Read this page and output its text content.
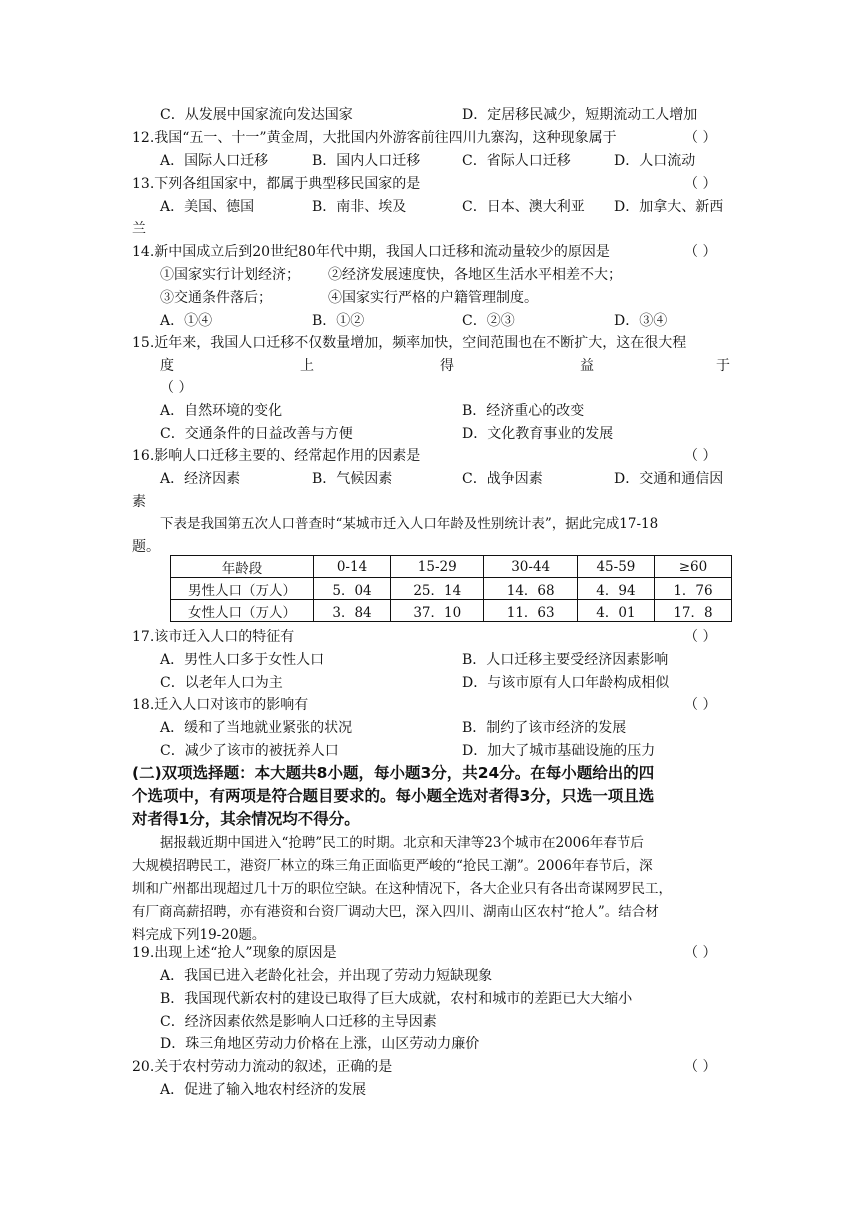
C．从发展中国家流向发达国家	D．定居移民减少，短期流动工人增加
12.我国“五一、十一”黄金周，大批国内外游客前往四川九寨沟，这种现象属于	（ ）
A．国际人口迁移	B．国内人口迁移	C．省际人口迁移	D．人口流动
13.下列各组国家中，都属于典型移民国家的是	（ ）
A．美国、德国	B．南非、埃及	C．日本、澳大利亚 D．加拿大、新西
兰
14.新中国成立后到20世纪80年代中期，我国人口迁移和流动量较少的原因是	（ ）
①国家实行计划经济； ②经济发展速度快，各地区生活水平相差不大；
③交通条件落后；	④国家实行严格的户籍管理制度。
A．①④	B．①②	C．②③	D．③④
15.近年来，我国人口迁移不仅数量增加，频率加快，空间范围也在不断扩大，这在很大程
度	上	得	益	于
（ ）
A．自然环境的变化	B．经济重心的改变
C．交通条件的日益改善与方便	D．文化教育事业的发展
16.影响人口迁移主要的、经常起作用的因素是	（ ）
A．经济因素	B．气候因素	C．战争因素	D．交通和通信因
素
下表是我国第五次人口普查时“某城市迁入人口年龄及性别统计表”，据此完成17-18
题。
年龄段	0-14	15-29	30-44	45-59	≥60
男性人口（万人）	5．04	25．14	14．68	4．94	1．76
女性人口（万人）	3．84	37．10	11．63	4．01	17．8
17.该市迁入人口的特征有	（ ）
A．男性人口多于女性人口	B．人口迁移主要受经济因素影响
C．以老年人口为主	D．与该市原有人口年龄构成相似
18.迁入人口对该市的影响有	（ ）
A．缓和了当地就业紧张的状况	B．制约了该市经济的发展
C．减少了该市的被抚养人口	D．加大了城市基础设施的压力
(二)双项选择题：本大题共8小题，每小题3分，共24分。在每小题给出的四
个选项中，有两项是符合题目要求的。每小题全选对者得3分，只选一项且选
对者得1分，其余情况均不得分。
据报载近期中国进入“抢聘”民工的时期。北京和天津等23个城市在2006年春节后
大规模招聘民工，港资厂林立的珠三角正面临更严峻的“抢民工潮”。2006年春节后，深
圳和广州都出现超过几十万的职位空缺。在这种情况下，各大企业只有各出奇谋网罗民工，
有厂商高薪招聘，亦有港资和台资厂调动大巴，深入四川、湖南山区农村“抢人”。结合材
料完成下列19-20题。
19.出现上述“抢人”现象的原因是	（ ）
A．我国已进入老龄化社会，并出现了劳动力短缺现象
B．我国现代新农村的建设已取得了巨大成就，农村和城市的差距已大大缩小
C．经济因素依然是影响人口迁移的主导因素
D．珠三角地区劳动力价格在上涨，山区劳动力廉价
20.关于农村劳动力流动的叙述，正确的是	（ ）
A．促进了输入地农村经济的发展
